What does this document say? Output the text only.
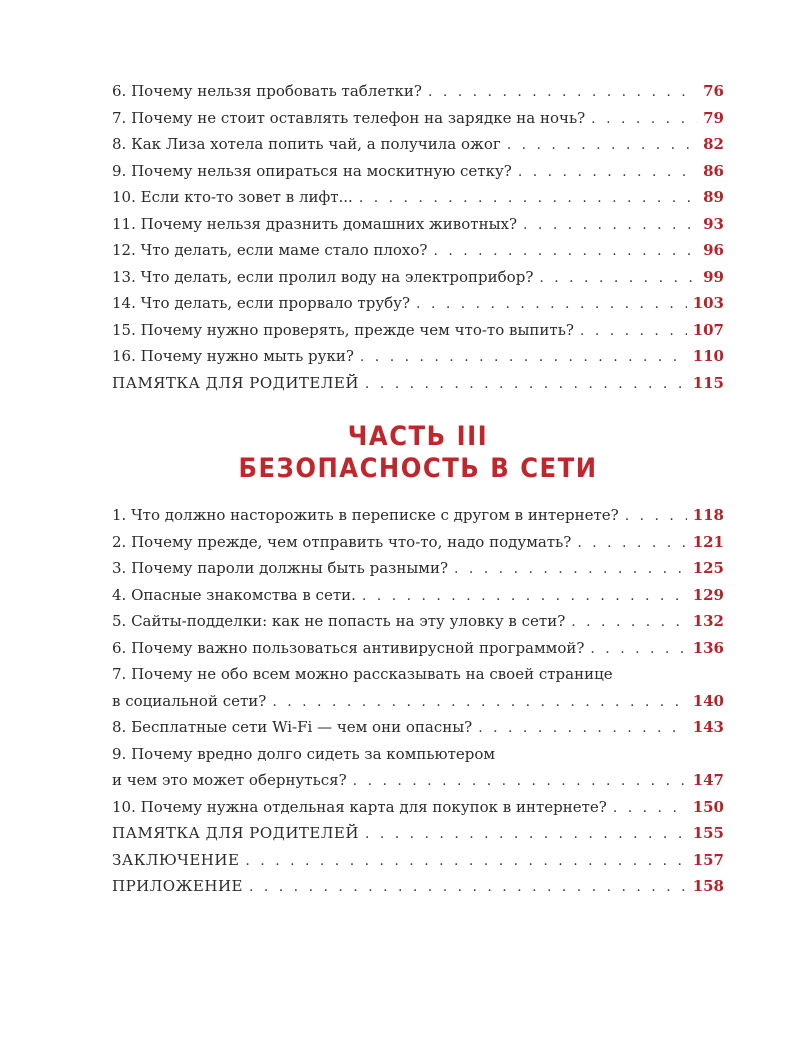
6. Почему нельзя пробовать таблетки? . . .	76
7. Почему не стоит оставлять телефон на зарядке на ночь? . . .	79
8. Как Лиза хотела попить чай, а получила ожог . . .	82
9. Почему нельзя опираться на москитную сетку? . . .	86
10. Если кто-то зовет в лифт... . . .	89
11. Почему нельзя дразнить домашних животных? . . .	93
12. Что делать, если маме стало плохо? . . .	96
13. Что делать, если пролил воду на электроприбор? . . .	99
14. Что делать, если прорвало трубу? . . .	103
15. Почему нужно проверять, прежде чем что-то выпить? . . .	107
16. Почему нужно мыть руки? . . .	110
ПАМЯТКА ДЛЯ РОДИТЕЛЕЙ . . .	115
ЧАСТЬ III
БЕЗОПАСНОСТЬ В СЕТИ
1. Что должно насторожить в переписке с другом в интернете? . . .	118
2. Почему прежде, чем отправить что-то, надо подумать? . . .	121
3. Почему пароли должны быть разными? . . .	125
4. Опасные знакомства в сети. . . .	129
5. Сайты-подделки: как не попасть на эту уловку в сети? . . .	132
6. Почему важно пользоваться антивирусной программой? . . .	136
7. Почему не обо всем можно рассказывать на своей странице
в социальной сети? . . .	140
8. Бесплатные сети Wi-Fi — чем они опасны? . . .	143
9. Почему вредно долго сидеть за компьютером
и чем это может обернуться? . . .	147
10. Почему нужна отдельная карта для покупок в интернете? . . .	150
ПАМЯТКА ДЛЯ РОДИТЕЛЕЙ . . .	155
ЗАКЛЮЧЕНИЕ . . .	157
ПРИЛОЖЕНИЕ . . .	158
